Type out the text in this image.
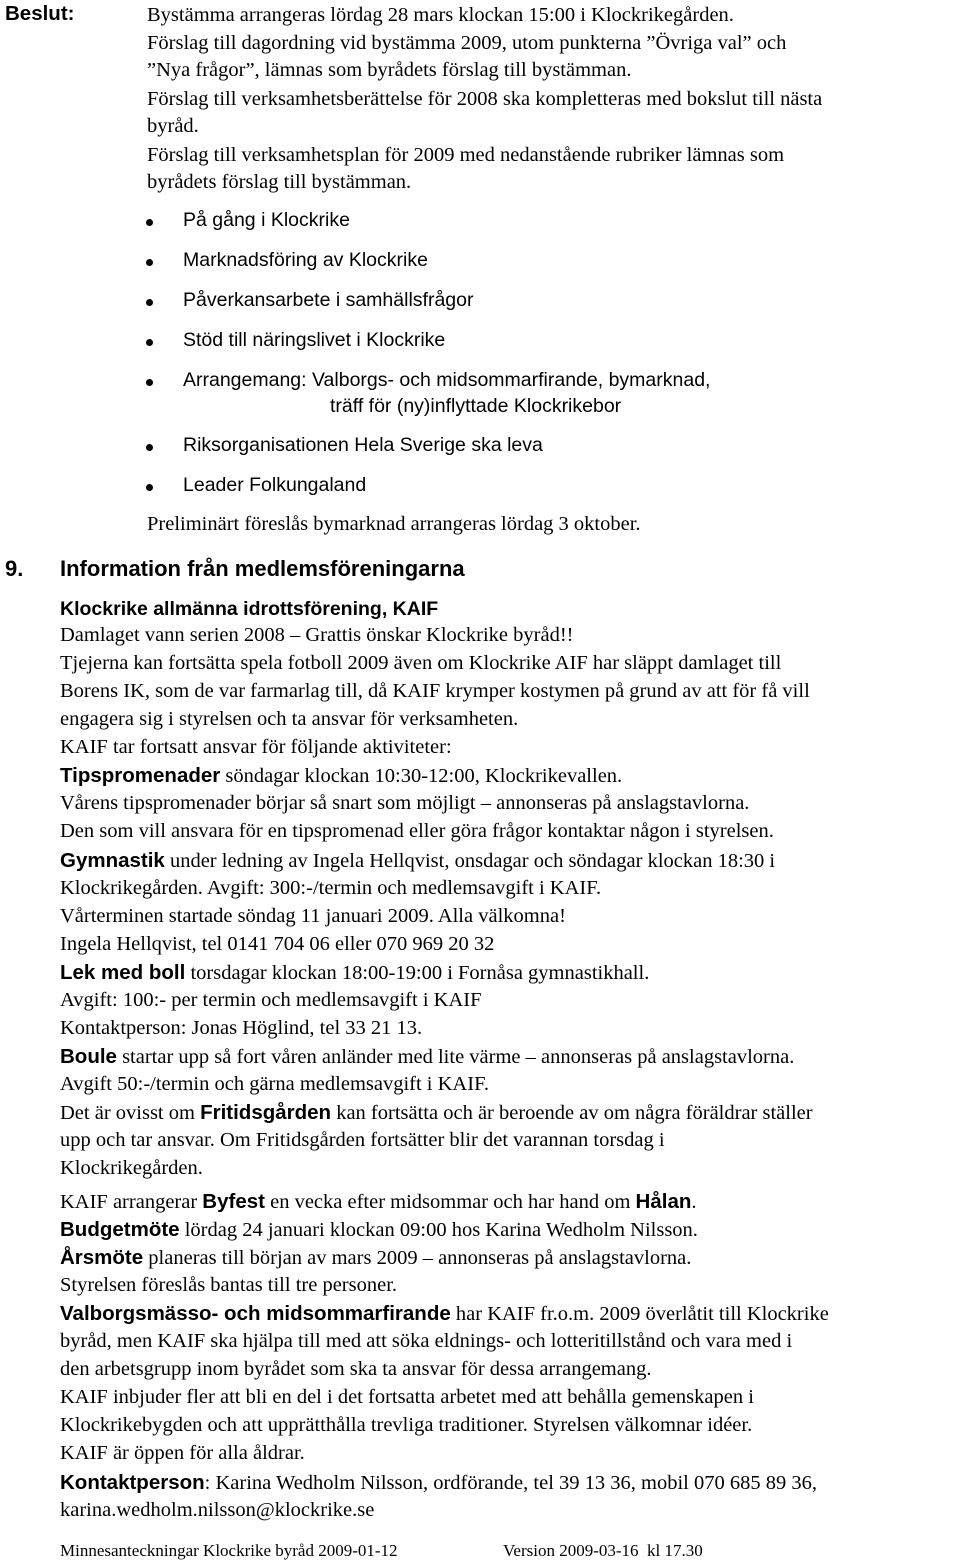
Beslut:	Bystämma arrangeras lördag 28 mars klockan 15:00 i Klockrikegården.
Förslag till dagordning vid bystämma 2009, utom punkterna ”Övriga val” och
”Nya frågor”, lämnas som byrådets förslag till bystämman.
Förslag till verksamhetsberättelse för 2008 ska kompletteras med bokslut till nästa
byråd.
Förslag till verksamhetsplan för 2009 med nedanstående rubriker lämnas som
byrådets förslag till bystämman.
På gång i Klockrike
Marknadsföring av Klockrike
Påverkansarbete i samhällsfrågor
Stöd till näringslivet i Klockrike
Arrangemang: Valborgs- och midsommarfirande, bymarknad,
träff för (ny)inflyttade Klockrikebor
Riksorganisationen Hela Sverige ska leva
Leader Folkungaland
Preliminärt föreslås bymarknad arrangeras lördag 3 oktober.
9. Information från medlemsföreningarna
Klockrike allmänna idrottsförening, KAIF
Damlaget vann serien 2008 – Grattis önskar Klockrike byråd!!
Tjejerna kan fortsätta spela fotboll 2009 även om Klockrike AIF har släppt damlaget till
Borens IK, som de var farmarlag till, då KAIF krymper kostymen på grund av att för få vill
engagera sig i styrelsen och ta ansvar för verksamheten.
KAIF tar fortsatt ansvar för följande aktiviteter:
Tipspromenader söndagar klockan 10:30-12:00, Klockrikevallen.
Vårens tipspromenader börjar så snart som möjligt – annonseras på anslagstavlorna.
Den som vill ansvara för en tipspromenad eller göra frågor kontaktar någon i styrelsen.
Gymnastik under ledning av Ingela Hellqvist, onsdagar och söndagar klockan 18:30 i
Klockrikegården. Avgift: 300:-/termin och medlemsavgift i KAIF.
Vårterminen startade söndag 11 januari 2009. Alla välkomna!
Ingela Hellqvist, tel 0141 704 06 eller 070 969 20 32
Lek med boll torsdagar klockan 18:00-19:00 i Fornåsa gymnastikhall.
Avgift: 100:- per termin och medlemsavgift i KAIF
Kontaktperson: Jonas Höglind, tel 33 21 13.
Boule startar upp så fort våren anländer med lite värme – annonseras på anslagstavlorna.
Avgift 50:-/termin och gärna medlemsavgift i KAIF.
Det är ovisst om Fritidsgården kan fortsätta och är beroende av om några föräldrar ställer
upp och tar ansvar. Om Fritidsgården fortsätter blir det varannan torsdag i
Klockrikegården.
KAIF arrangerar Byfest en vecka efter midsommar och har hand om Hålan.
Budgetmöte lördag 24 januari klockan 09:00 hos Karina Wedholm Nilsson.
Årsmöte planeras till början av mars 2009 – annonseras på anslagstavlorna.
Styrelsen föreslås bantas till tre personer.
Valborgsmässo- och midsommarfirande har KAIF fr.o.m. 2009 överlåtit till Klockrike
byråd, men KAIF ska hjälpa till med att söka eldnings- och lotteritillstånd och vara med i
den arbetsgrupp inom byrådet som ska ta ansvar för dessa arrangemang.
KAIF inbjuder fler att bli en del i det fortsatta arbetet med att behålla gemenskapen i
Klockrikebygden och att upprätthålla trevliga traditioner. Styrelsen välkomnar idéer.
KAIF är öppen för alla åldrar.
Kontaktperson: Karina Wedholm Nilsson, ordförande, tel 39 13 36, mobil 070 685 89 36,
karina.wedholm.nilsson@klockrike.se
Minnesanteckningar Klockrike byråd 2009-01-12	Version 2009-03-16  kl 17.30
